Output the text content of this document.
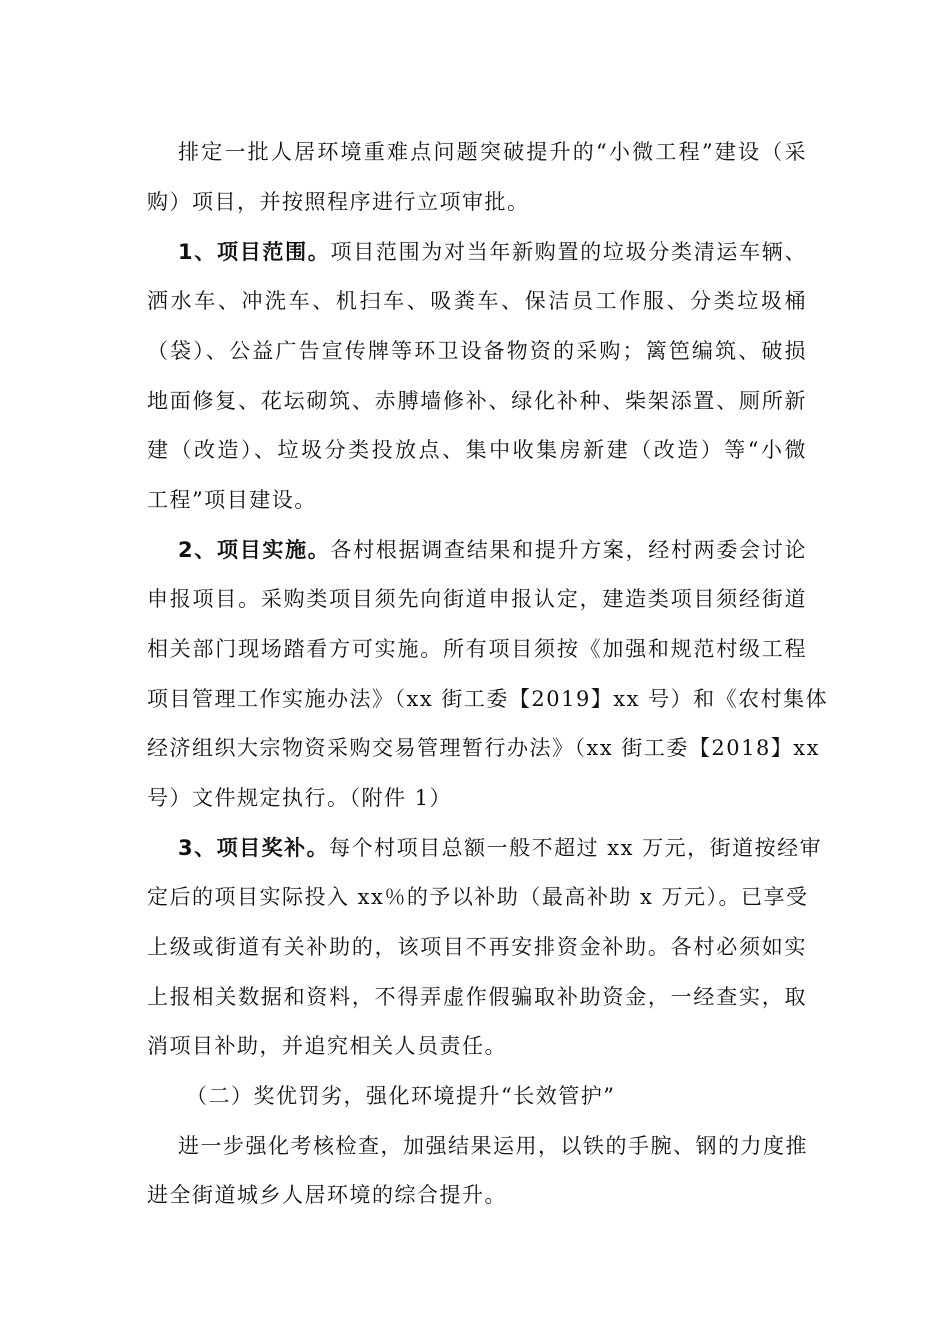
排定一批人居环境重难点问题突破提升的“小微工程”建设（采
购）项目，并按照程序进行立项审批。
1、项目范围。项目范围为对当年新购置的垃圾分类清运车辆、
洒水车、冲洗车、机扫车、吸粪车、保洁员工作服、分类垃圾桶
（袋）、公益广告宣传牌等环卫设备物资的采购；篱笆编筑、破损
地面修复、花坛砌筑、赤膊墙修补、绿化补种、柴架添置、厕所新
建（改造）、垃圾分类投放点、集中收集房新建（改造）等“小微
工程”项目建设。
2、项目实施。各村根据调查结果和提升方案，经村两委会讨论
申报项目。采购类项目须先向街道申报认定，建造类项目须经街道
相关部门现场踏看方可实施。所有项目须按《加强和规范村级工程
项目管理工作实施办法》（xx 街工委【2019】xx 号）和《农村集体
经济组织大宗物资采购交易管理暂行办法》（xx 街工委【2018】xx
号）文件规定执行。（附件 1）
3、项目奖补。每个村项目总额一般不超过 xx 万元，街道按经审
定后的项目实际投入 xx％的予以补助（最高补助 x 万元）。已享受
上级或街道有关补助的，该项目不再安排资金补助。各村必须如实
上报相关数据和资料，不得弄虚作假骗取补助资金，一经查实，取
消项目补助，并追究相关人员责任。
（二）奖优罚劣，强化环境提升“长效管护”
进一步强化考核检查，加强结果运用，以铁的手腕、钢的力度推
进全街道城乡人居环境的综合提升。
